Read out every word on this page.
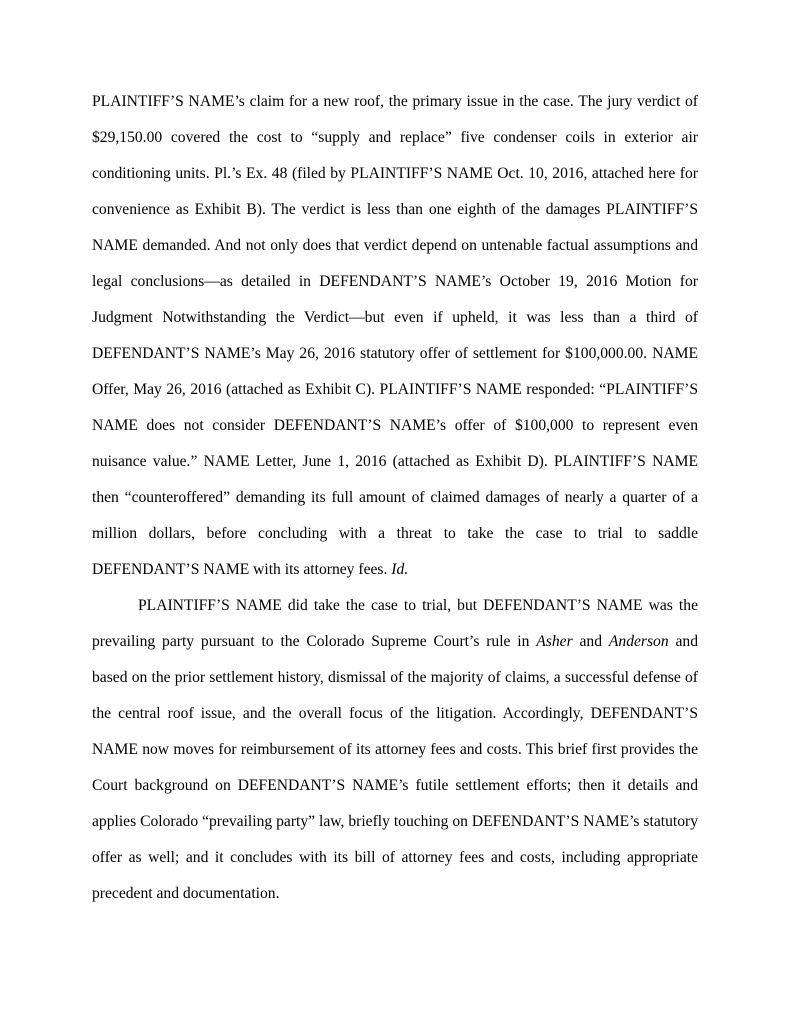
PLAINTIFF’S NAME’s claim for a new roof, the primary issue in the case. The jury verdict of $29,150.00 covered the cost to “supply and replace” five condenser coils in exterior air conditioning units. Pl.’s Ex. 48 (filed by PLAINTIFF’S NAME Oct. 10, 2016, attached here for convenience as Exhibit B). The verdict is less than one eighth of the damages PLAINTIFF’S NAME demanded. And not only does that verdict depend on untenable factual assumptions and legal conclusions—as detailed in DEFENDANT’S NAME’s October 19, 2016 Motion for Judgment Notwithstanding the Verdict—but even if upheld, it was less than a third of DEFENDANT’S NAME’s May 26, 2016 statutory offer of settlement for $100,000.00. NAME Offer, May 26, 2016 (attached as Exhibit C). PLAINTIFF’S NAME responded: “PLAINTIFF’S NAME does not consider DEFENDANT’S NAME’s offer of $100,000 to represent even nuisance value.” NAME Letter, June 1, 2016 (attached as Exhibit D). PLAINTIFF’S NAME then “counteroffered” demanding its full amount of claimed damages of nearly a quarter of a million dollars, before concluding with a threat to take the case to trial to saddle DEFENDANT’S NAME with its attorney fees. Id.

PLAINTIFF’S NAME did take the case to trial, but DEFENDANT’S NAME was the prevailing party pursuant to the Colorado Supreme Court’s rule in Asher and Anderson and based on the prior settlement history, dismissal of the majority of claims, a successful defense of the central roof issue, and the overall focus of the litigation. Accordingly, DEFENDANT’S NAME now moves for reimbursement of its attorney fees and costs. This brief first provides the Court background on DEFENDANT’S NAME’s futile settlement efforts; then it details and applies Colorado “prevailing party” law, briefly touching on DEFENDANT’S NAME’s statutory offer as well; and it concludes with its bill of attorney fees and costs, including appropriate precedent and documentation.
